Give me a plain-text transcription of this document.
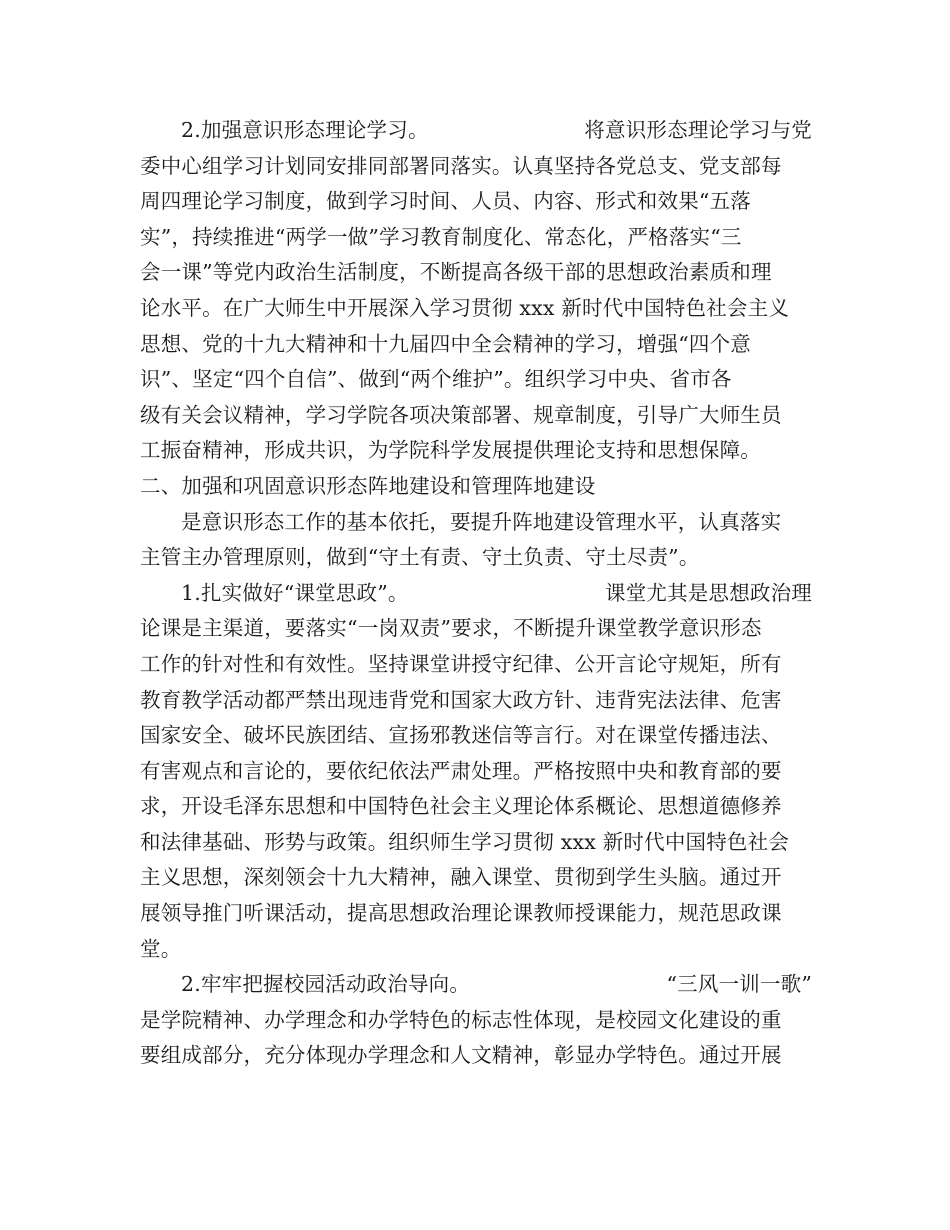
2.加强意识形态理论学习。	将意识形态理论学习与党
委中心组学习计划同安排同部署同落实。认真坚持各党总支、党支部每
周四理论学习制度，做到学习时间、人员、内容、形式和效果“五落
实”，持续推进“两学一做”学习教育制度化、常态化，严格落实“三
会一课”等党内政治生活制度，不断提高各级干部的思想政治素质和理
论水平。在广大师生中开展深入学习贯彻 xxx 新时代中国特色社会主义
思想、党的十九大精神和十九届四中全会精神的学习，增强“四个意
识”、坚定“四个自信”、做到“两个维护”。组织学习中央、省市各
级有关会议精神，学习学院各项决策部署、规章制度，引导广大师生员
工振奋精神，形成共识，为学院科学发展提供理论支持和思想保障。
二、加强和巩固意识形态阵地建设和管理阵地建设
是意识形态工作的基本依托，要提升阵地建设管理水平，认真落实
主管主办管理原则，做到“守土有责、守土负责、守土尽责”。
1.扎实做好“课堂思政”。	课堂尤其是思想政治理
论课是主渠道，要落实“一岗双责”要求，不断提升课堂教学意识形态
工作的针对性和有效性。坚持课堂讲授守纪律、公开言论守规矩，所有
教育教学活动都严禁出现违背党和国家大政方针、违背宪法法律、危害
国家安全、破坏民族团结、宣扬邪教迷信等言行。对在课堂传播违法、
有害观点和言论的，要依纪依法严肃处理。严格按照中央和教育部的要
求，开设毛泽东思想和中国特色社会主义理论体系概论、思想道德修养
和法律基础、形势与政策。组织师生学习贯彻 xxx 新时代中国特色社会
主义思想，深刻领会十九大精神，融入课堂、贯彻到学生头脑。通过开
展领导推门听课活动，提高思想政治理论课教师授课能力，规范思政课
堂。
2.牢牢把握校园活动政治导向。	“三风一训一歌”
是学院精神、办学理念和办学特色的标志性体现，是校园文化建设的重
要组成部分，充分体现办学理念和人文精神，彰显办学特色。通过开展
